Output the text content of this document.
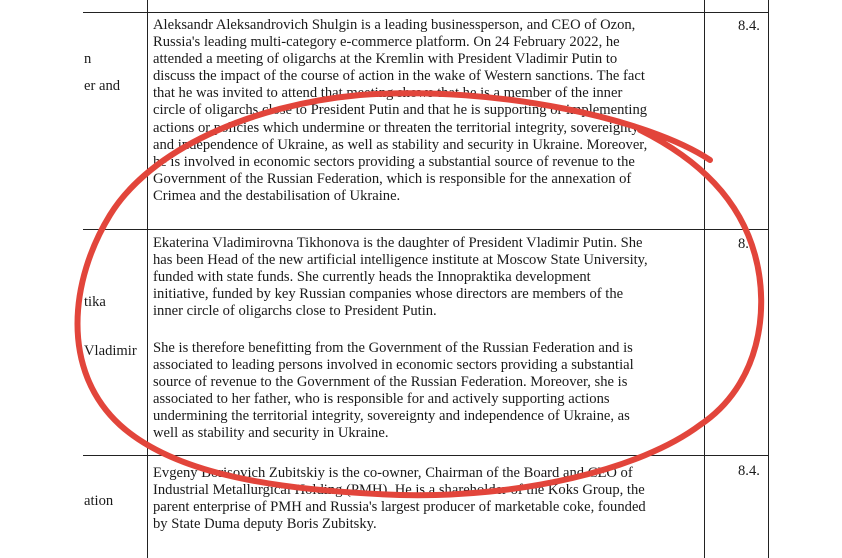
n
er and
tika
Vladimir
ation
8.4.
8.
8.4.
Aleksandr Aleksandrovich Shulgin is a leading businessperson, and CEO of Ozon,
Russia's leading multi-category e-commerce platform. On 24 February 2022, he
attended a meeting of oligarchs at the Kremlin with President Vladimir Putin to
discuss the impact of the course of action in the wake of Western sanctions. The fact
that he was invited to attend that meeting shows that he is a member of the inner
circle of oligarchs close to President Putin and that he is supporting or implementing
actions or policies which undermine or threaten the territorial integrity, sovereignty
and independence of Ukraine, as well as stability and security in Ukraine. Moreover,
he is involved in economic sectors providing a substantial source of revenue to the
Government of the Russian Federation, which is responsible for the annexation of
Crimea and the destabilisation of Ukraine.
Ekaterina Vladimirovna Tikhonova is the daughter of President Vladimir Putin. She
has been Head of the new artificial intelligence institute at Moscow State University,
funded with state funds. She currently heads the Innopraktika development
initiative, funded by key Russian companies whose directors are members of the
inner circle of oligarchs close to President Putin.
She is therefore benefitting from the Government of the Russian Federation and is
associated to leading persons involved in economic sectors providing a substantial
source of revenue to the Government of the Russian Federation. Moreover, she is
associated to her father, who is responsible for and actively supporting actions
undermining the territorial integrity, sovereignty and independence of Ukraine, as
well as stability and security in Ukraine.
Evgeny Borisovich Zubitskiy is the co-owner, Chairman of the Board and CEO of
Industrial Metallurgical Holding (PMH). He is a shareholder of the Koks Group, the
parent enterprise of PMH and Russia's largest producer of marketable coke, founded
by State Duma deputy Boris Zubitsky.
